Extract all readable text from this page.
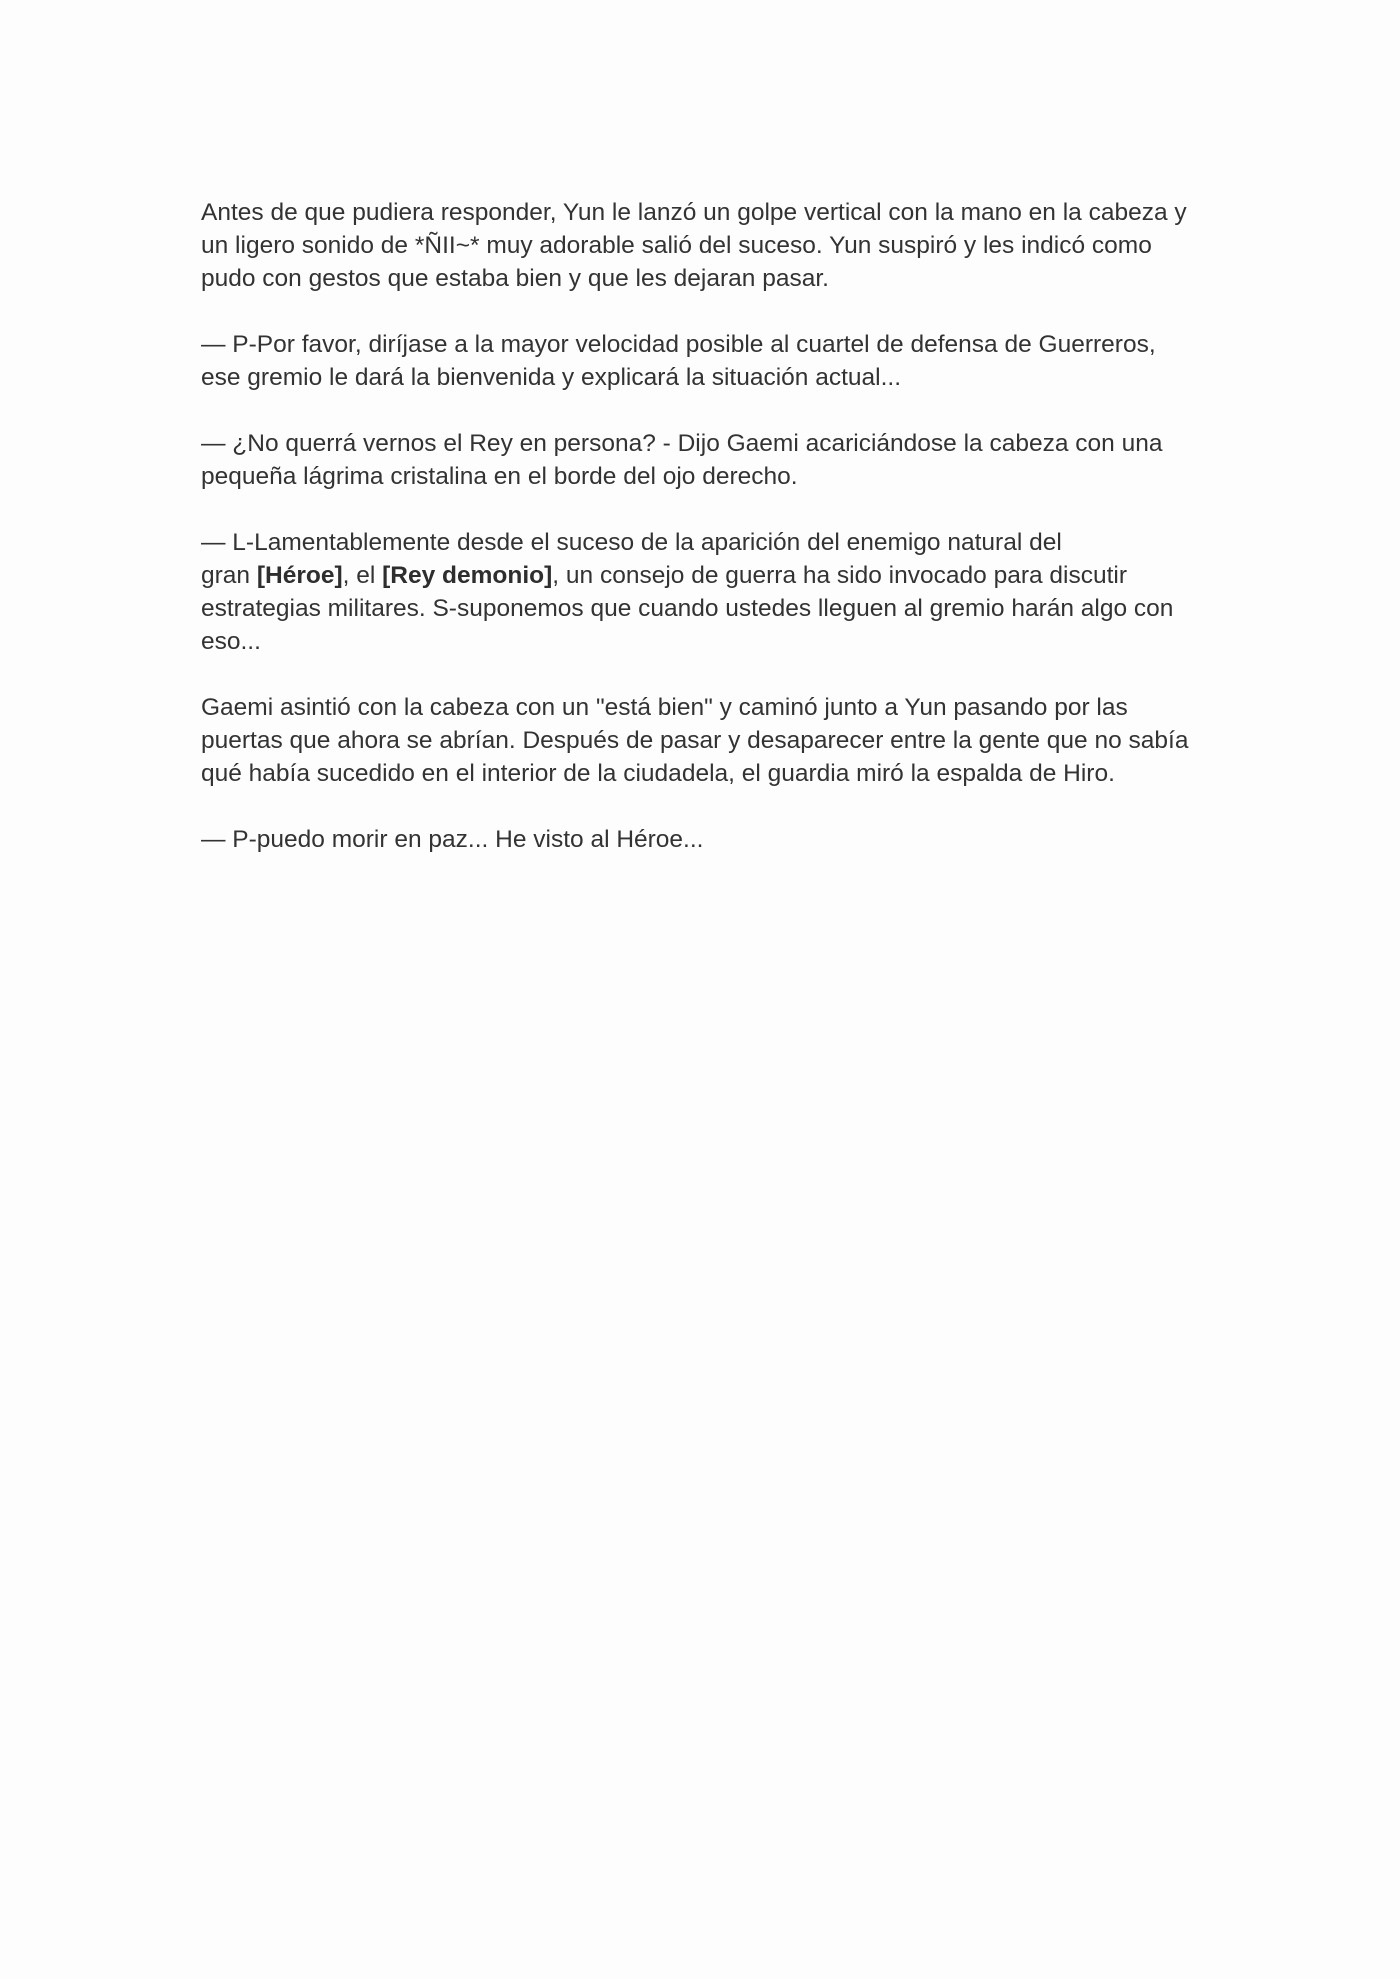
Antes de que pudiera responder, Yun le lanzó un golpe vertical con la mano en la cabeza y
un ligero sonido de *ÑII~* muy adorable salió del suceso. Yun suspiró y les indicó como
pudo con gestos que estaba bien y que les dejaran pasar.

— P-Por favor, diríjase a la mayor velocidad posible al cuartel de defensa de Guerreros,
ese gremio le dará la bienvenida y explicará la situación actual...

— ¿No querrá vernos el Rey en persona? - Dijo Gaemi acariciándose la cabeza con una
pequeña lágrima cristalina en el borde del ojo derecho.

— L-Lamentablemente desde el suceso de la aparición del enemigo natural del
gran [Héroe], el [Rey demonio], un consejo de guerra ha sido invocado para discutir
estrategias militares. S-suponemos que cuando ustedes lleguen al gremio harán algo con
eso...

Gaemi asintió con la cabeza con un "está bien" y caminó junto a Yun pasando por las
puertas que ahora se abrían. Después de pasar y desaparecer entre la gente que no sabía
qué había sucedido en el interior de la ciudadela, el guardia miró la espalda de Hiro.

— P-puedo morir en paz... He visto al Héroe...
